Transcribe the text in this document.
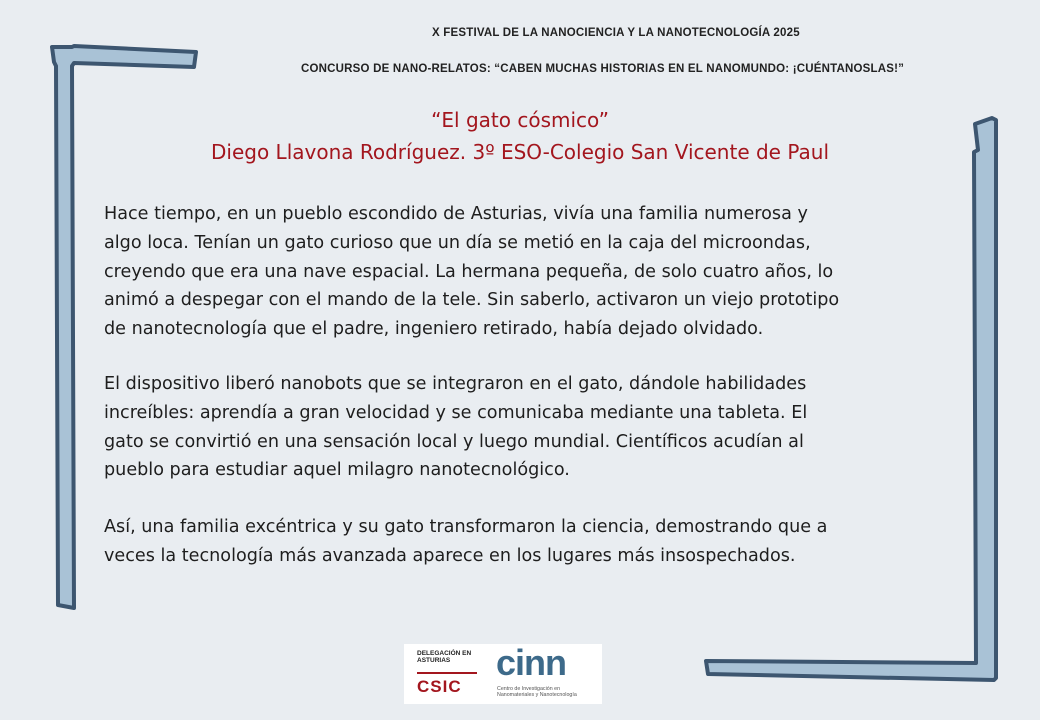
X FESTIVAL DE LA NANOCIENCIA Y LA NANOTECNOLOGÍA 2025
CONCURSO DE NANO-RELATOS: “CABEN MUCHAS HISTORIAS EN EL NANOMUNDO: ¡CUÉNTANOSLAS!”
“El gato cósmico”
Diego Llavona Rodríguez. 3º ESO-Colegio San Vicente de Paul
Hace tiempo, en un pueblo escondido de Asturias, vivía una familia numerosa y
algo loca. Tenían un gato curioso que un día se metió en la caja del microondas,
creyendo que era una nave espacial. La hermana pequeña, de solo cuatro años, lo
animó a despegar con el mando de la tele. Sin saberlo, activaron un viejo prototipo
de nanotecnología que el padre, ingeniero retirado, había dejado olvidado.
El dispositivo liberó nanobots que se integraron en el gato, dándole habilidades
increíbles: aprendía a gran velocidad y se comunicaba mediante una tableta. El
gato se convirtió en una sensación local y luego mundial. Científicos acudían al
pueblo para estudiar aquel milagro nanotecnológico.
Así, una familia excéntrica y su gato transformaron la ciencia, demostrando que a
veces la tecnología más avanzada aparece en los lugares más insospechados.
DELEGACIÓN EN ASTURIAS
CSIC
cinn
Centro de Investigación en Nanomateriales y Nanotecnología
